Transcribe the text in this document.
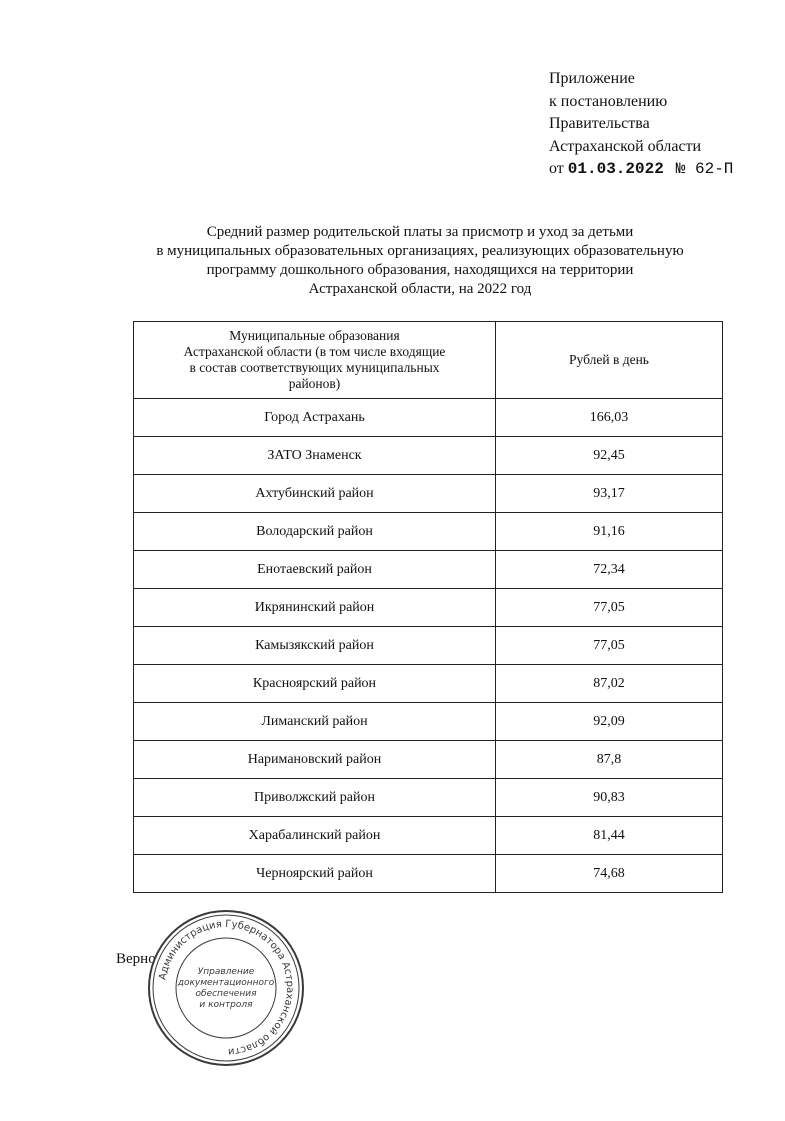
Приложение
к постановлению
Правительства
Астраханской области
от 01.03.2022 № 62-П
Средний размер родительской платы за присмотр и уход за детьми
в муниципальных образовательных организациях, реализующих образовательную
программу дошкольного образования, находящихся на территории
Астраханской области, на 2022 год
Муниципальные образования
Астраханской области (в том числе входящие
в состав соответствующих муниципальных
районов)	Рублей в день
Город Астрахань	166,03
ЗАТО Знаменск	92,45
Ахтубинский район	93,17
Володарский район	91,16
Енотаевский район	72,34
Икрянинский район	77,05
Камызякский район	77,05
Красноярский район	87,02
Лиманский район	92,09
Наримановский район	87,8
Приволжский район	90,83
Харабалинский район	81,44
Черноярский район	74,68
Верно
Администрация Губернатора Астраханской области
Управление
документационного
обеспечения
и контроля
